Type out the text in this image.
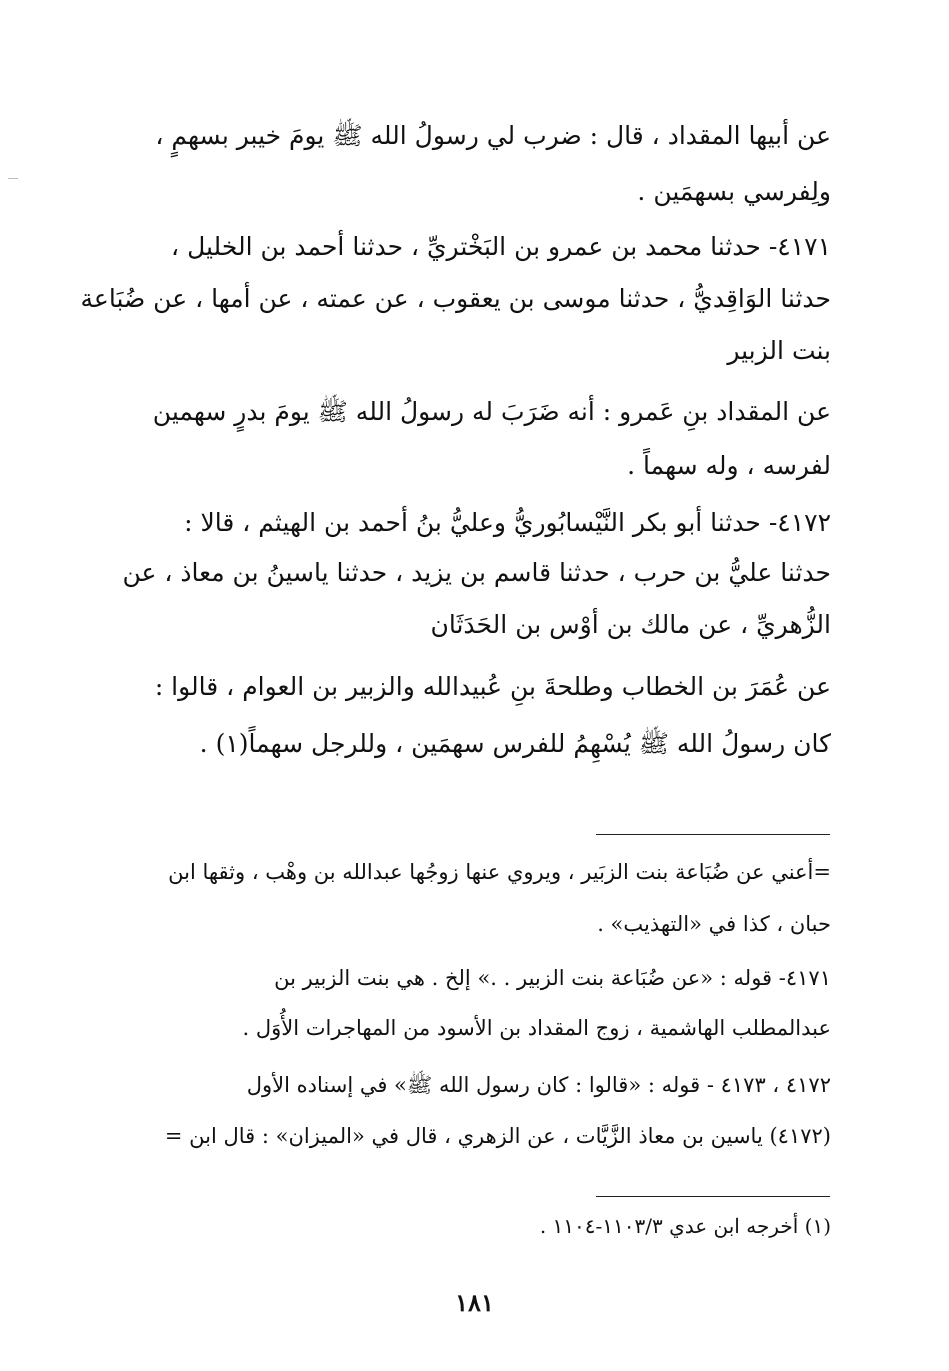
عن أبيها المقداد ، قال : ضرب لي رسولُ الله ﷺ يومَ خيبر بسهمٍ ،
ولِفرسي بسهمَين .
٤١٧١- حدثنا محمد بن عمرو بن البَخْتريِّ ، حدثنا أحمد بن الخليل ،
حدثنا الوَاقِديُّ ، حدثنا موسى بن يعقوب ، عن عمته ، عن أمها ، عن ضُبَاعة
بنت الزبير
عن المقداد بنِ عَمرو : أنه ضَرَبَ له رسولُ الله ﷺ يومَ بدرٍ سهمين
لفرسه ، وله سهماً .
٤١٧٢- حدثنا أبو بكر النَّيْسابُوريُّ وعليُّ بنُ أحمد بن الهيثم ، قالا :
حدثنا عليُّ بن حرب ، حدثنا قاسم بن يزيد ، حدثنا ياسينُ بن معاذ ، عن
الزُّهريِّ ، عن مالك بن أوْس بن الحَدَثَان
عن عُمَرَ بن الخطاب وطلحةَ بنِ عُبيدالله والزبير بن العوام ، قالوا :
كان رسولُ الله ﷺ يُسْهِمُ للفرس سهمَين ، وللرجل سهماً(١) .
=أعني عن ضُبَاعة بنت الزبَير ، ويروي عنها زوجُها عبدالله بن وهْب ، وثقها ابن
حبان ، كذا في «التهذيب» .
٤١٧١- قوله : «عن ضُبَاعة بنت الزبير . .» إلخ . هي بنت الزبير بن
عبدالمطلب الهاشمية ، زوج المقداد بن الأسود من المهاجرات الأُوَل .
٤١٧٢ ، ٤١٧٣ - قوله : «قالوا : كان رسول الله ﷺ» في إسناده الأول
(٤١٧٢) ياسين بن معاذ الزَّيَّات ، عن الزهري ، قال في «الميزان» : قال ابن =
(١) أخرجه ابن عدي ١١٠٣/٣-١١٠٤ .
١٨١
